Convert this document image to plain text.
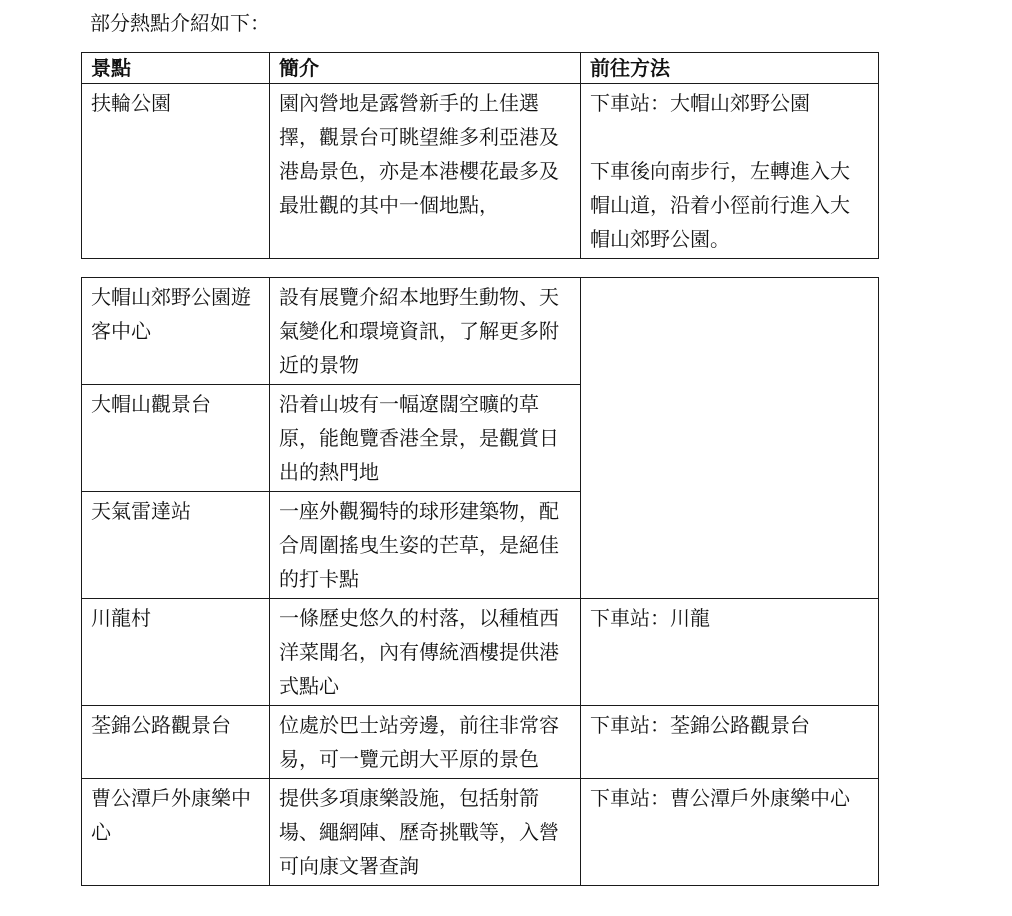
部分熱點介紹如下：
景點	簡介	前往方法
扶輪公園	園內營地是露營新手的上佳選擇，觀景台可眺望維多利亞港及港島景色，亦是本港櫻花最多及最壯觀的其中一個地點，	下車站：大帽山郊野公園
下車後向南步行，左轉進入大帽山道，沿着小徑前行進入大帽山郊野公園。
大帽山郊野公園遊客中心	設有展覽介紹本地野生動物、天氣變化和環境資訊，了解更多附近的景物	
大帽山觀景台	沿着山坡有一幅遼闊空曠的草原，能飽覽香港全景，是觀賞日出的熱門地	
天氣雷達站	一座外觀獨特的球形建築物，配合周圍搖曳生姿的芒草，是絕佳的打卡點	
川龍村	一條歷史悠久的村落，以種植西洋菜聞名，內有傳統酒樓提供港式點心	下車站：川龍
荃錦公路觀景台	位處於巴士站旁邊，前往非常容易，可一覽元朗大平原的景色	下車站：荃錦公路觀景台
曹公潭戶外康樂中心	提供多項康樂設施，包括射箭場、繩網陣、歷奇挑戰等，入營可向康文署查詢	下車站：曹公潭戶外康樂中心
